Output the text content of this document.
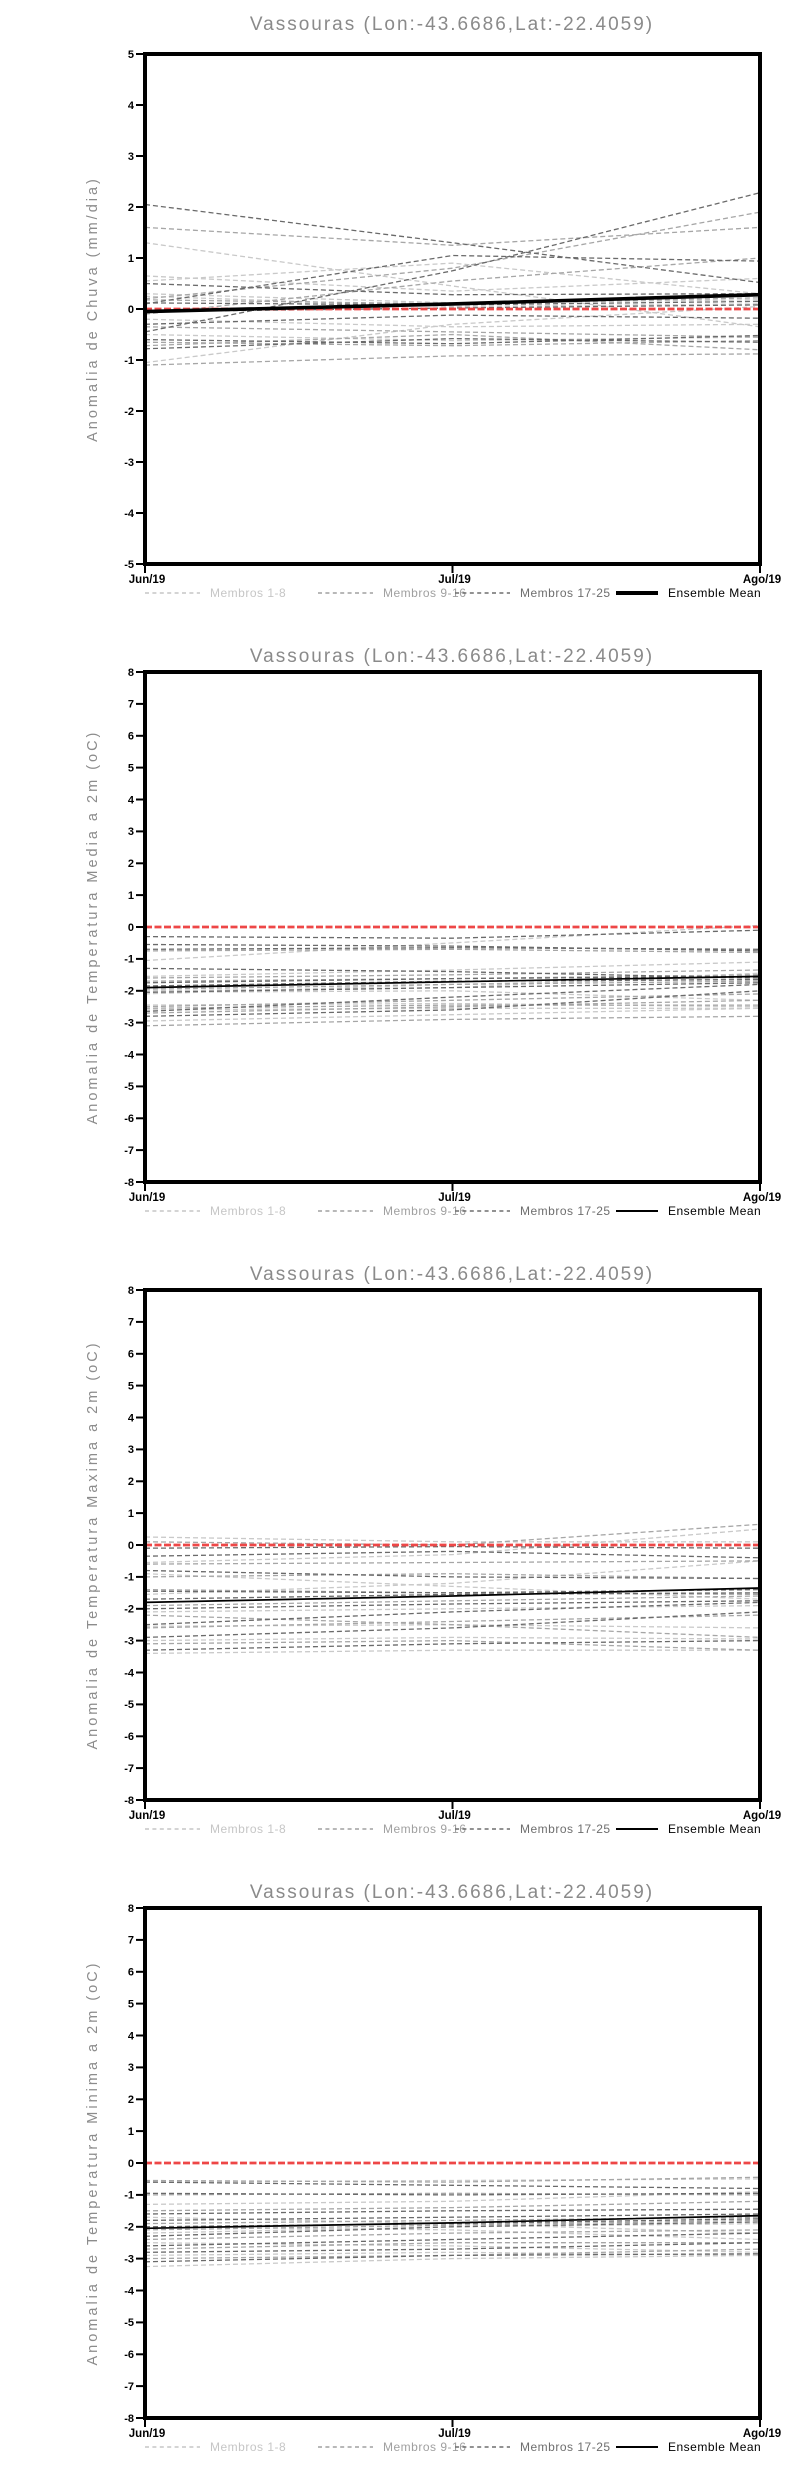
Vassouras (Lon:-43.6686,Lat:-22.4059)
Anomalia de Chuva (mm/dia)
-5
-4
-3
-2
-1
0
1
2
3
4
5
Jun/19	Jul/19	Ago/19
Membros 1-8	Membros 9-16	Membros 17-25	Ensemble Mean
Vassouras (Lon:-43.6686,Lat:-22.4059)
Anomalia de Temperatura Media a 2m (oC)
-8
-7
-6
-5
-4
-3
-2
-1
0
1
2
3
4
5
6
7
8
Jun/19	Jul/19	Ago/19
Membros 1-8	Membros 9-16	Membros 17-25	Ensemble Mean
Vassouras (Lon:-43.6686,Lat:-22.4059)
Anomalia de Temperatura Maxima a 2m (oC)
-8
-7
-6
-5
-4
-3
-2
-1
0
1
2
3
4
5
6
7
8
Jun/19	Jul/19	Ago/19
Membros 1-8	Membros 9-16	Membros 17-25	Ensemble Mean
Vassouras (Lon:-43.6686,Lat:-22.4059)
Anomalia de Temperatura Minima a 2m (oC)
-8
-7
-6
-5
-4
-3
-2
-1
0
1
2
3
4
5
6
7
8
Jun/19	Jul/19	Ago/19
Membros 1-8	Membros 9-16	Membros 17-25	Ensemble Mean
